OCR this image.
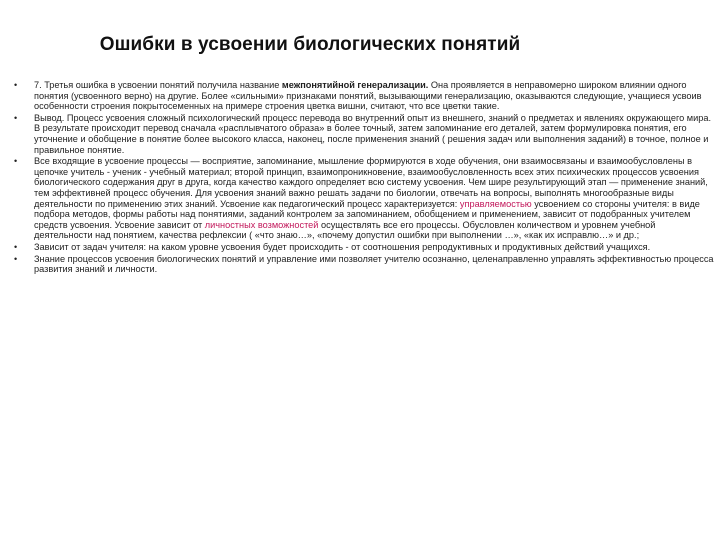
Ошибки в усвоении биологических понятий
• 7. Третья ошибка в усвоении понятий получила название межпонятийной генерализации. Она проявляется в неправомерно широком влиянии одного понятия (усвоенного верно) на другие. Более «сильными» признаками понятий, вызывающими генерализацию, оказываются следующие, учащиеся усвоив особенности строения покрытосеменных на примере строения цветка вишни, считают, что все цветки такие.
• Вывод. Процесс усвоения сложный психологический процесс перевода во внутренний опыт из внешнего, знаний о предметах и явлениях окружающего мира. В результате происходит перевод сначала «расплывчатого образа» в более точный, затем запоминание его деталей, затем формулировка понятия, его уточнение и обобщение в понятие более высокого класса, наконец, после применения знаний ( решения задач или выполнения заданий) в точное, полное и правильное понятие.
• Все входящие в усвоение процессы — восприятие, запоминание, мышление формируются в ходе обучения, они взаимосвязаны и взаимообусловлены в цепочке учитель - ученик - учебный материал; второй принцип, взаимопроникновение, взаимообусловленность всех этих психических процессов усвоения биологического содержания друг в друга, когда качество каждого определяет всю систему усвоения. Чем шире результирующий этап — применение знаний, тем эффективней процесс обучения. Для усвоения знаний важно решать задачи по биологии, отвечать на вопросы, выполнять многообразные виды деятельности по применению этих знаний. Усвоение как педагогический процесс характеризуется: управляемостью усвоением со стороны учителя: в виде подбора методов, формы работы над понятиями, заданий контролем за запоминанием, обобщением и применением, зависит от подобранных учителем средств усвоения. Усвоение зависит от личностных возможностей осуществлять все его процессы. Обусловлен количеством и уровнем учебной деятельности над понятием, качества рефлексии ( «что знаю…», «почему допустил ошибки при выполнении …», «как их исправлю…» и др.;
• Зависит от задач учителя: на каком уровне усвоения будет происходить - от соотношения репродуктивных и продуктивных действий учащихся.
• Знание процессов усвоения биологических понятий и управление ими позволяет учителю осознанно, целенаправленно управлять эффективностью процесса развития знаний и личности.
